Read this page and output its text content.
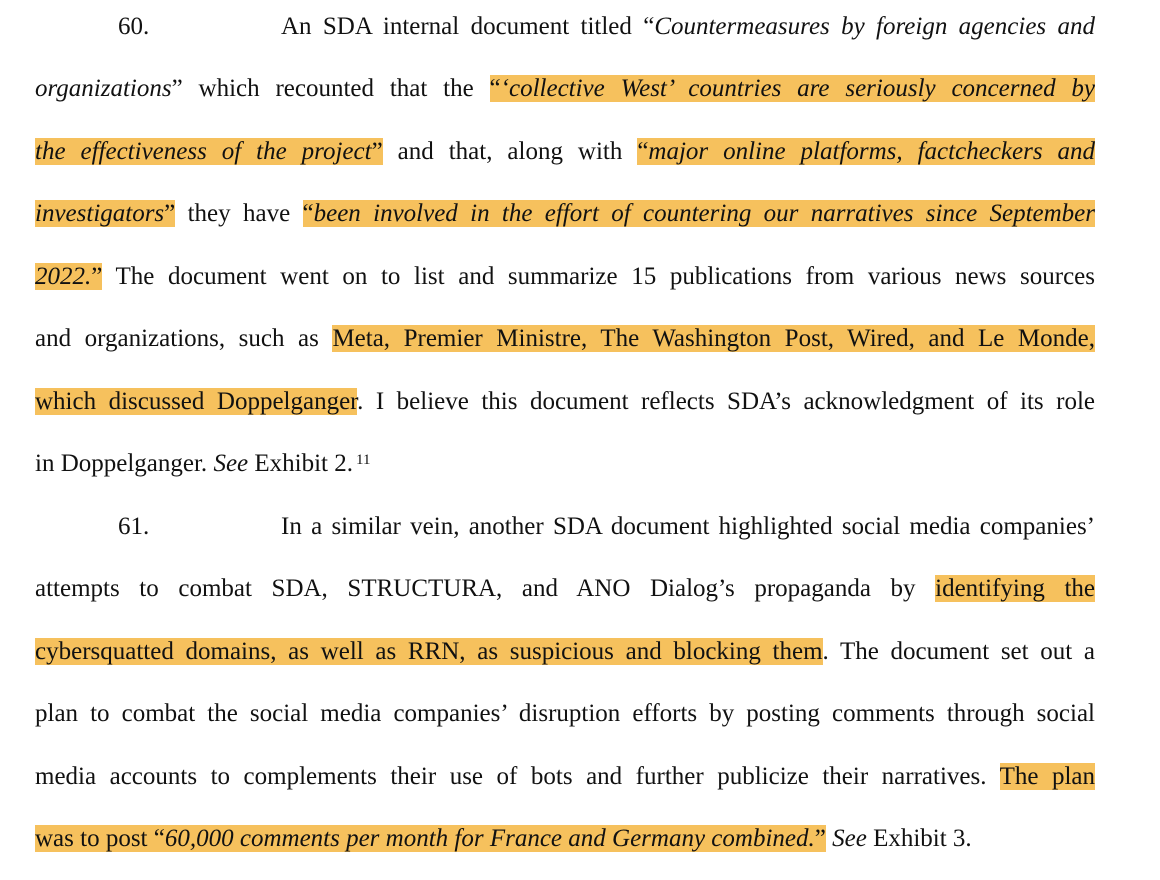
60.	An SDA internal document titled “Countermeasures by foreign agencies and
organizations” which recounted that the “‘collective West’ countries are seriously concerned by
the effectiveness of the project” and that, along with “major online platforms, factcheckers and
investigators” they have “been involved in the effort of countering our narratives since September
2022.” The document went on to list and summarize 15 publications from various news sources
and organizations, such as Meta, Premier Ministre, The Washington Post, Wired, and Le Monde,
which discussed Doppelganger. I believe this document reflects SDA’s acknowledgment of its role
in Doppelganger. See Exhibit 2. $^{11}$
61.	In a similar vein, another SDA document highlighted social media companies’
attempts to combat SDA, STRUCTURA, and ANO Dialog’s propaganda by identifying the
cybersquatted domains, as well as RRN, as suspicious and blocking them. The document set out a
plan to combat the social media companies’ disruption efforts by posting comments through social
media accounts to complements their use of bots and further publicize their narratives. The plan
was to post “60,000 comments per month for France and Germany combined.” See Exhibit 3.
